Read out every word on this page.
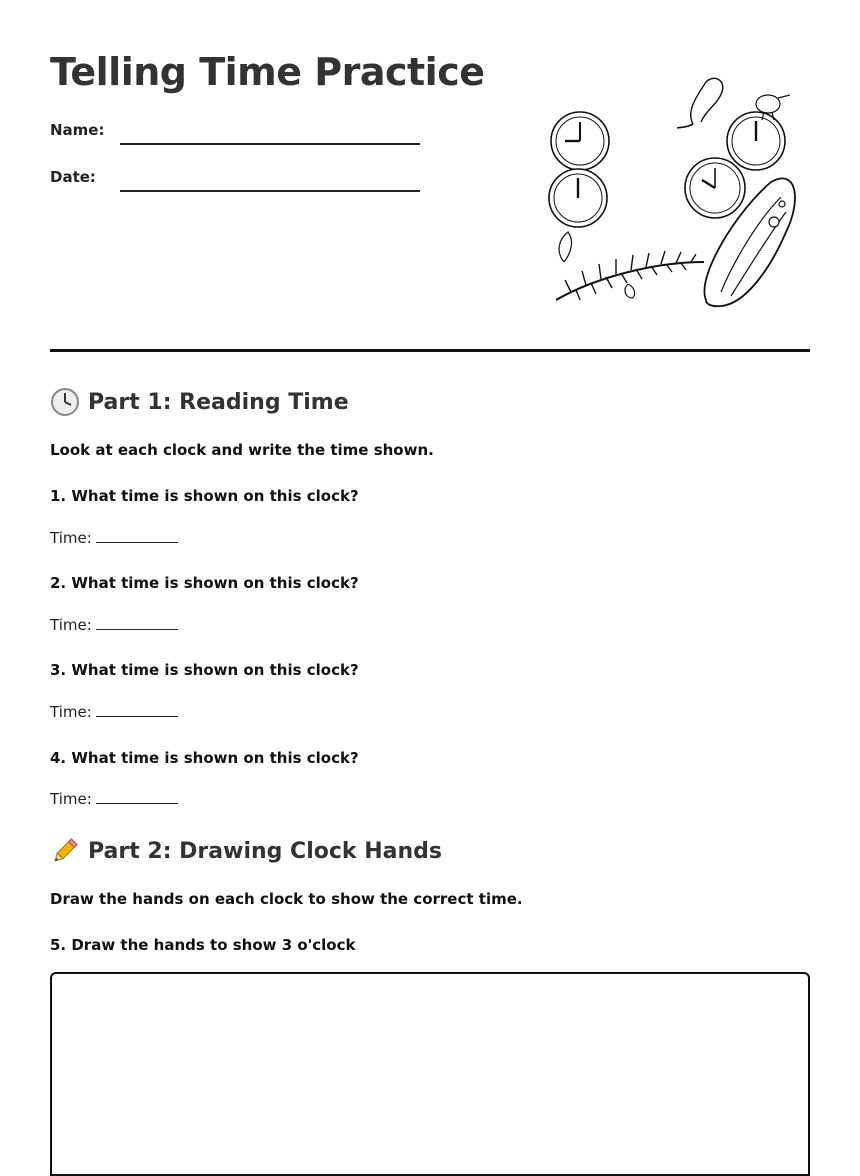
Telling Time Practice
Name:
Date:
Part 1: Reading Time
Look at each clock and write the time shown.
1. What time is shown on this clock?
Time:
2. What time is shown on this clock?
Time:
3. What time is shown on this clock?
Time:
4. What time is shown on this clock?
Time:
Part 2: Drawing Clock Hands
Draw the hands on each clock to show the correct time.
5. Draw the hands to show 3 o'clock
